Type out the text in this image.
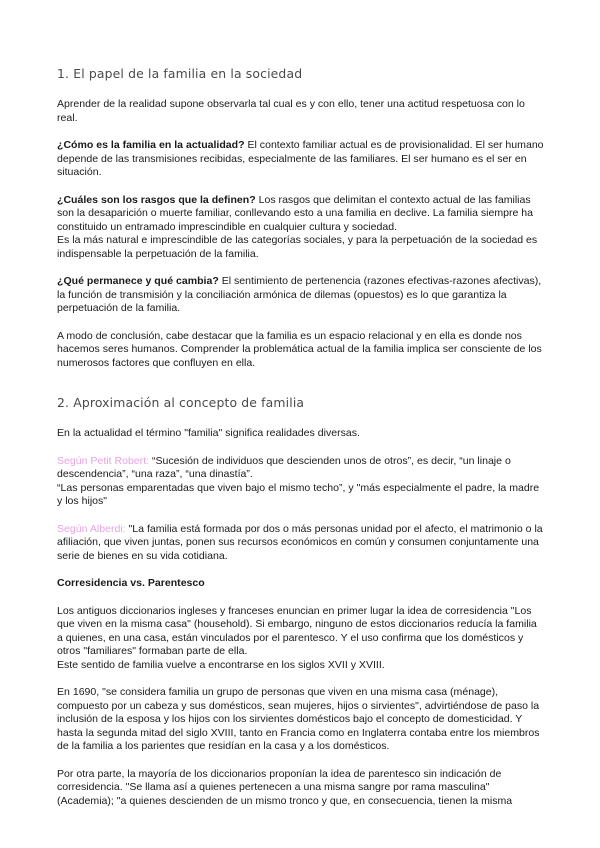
1. El papel de la familia en la sociedad

Aprender de la realidad supone observarla tal cual es y con ello, tener una actitud respetuosa con lo real.

¿Cómo es la familia en la actualidad? El contexto familiar actual es de provisionalidad. El ser humano depende de las transmisiones recibidas, especialmente de las familiares. El ser humano es el ser en situación.

¿Cuáles son los rasgos que la definen? Los rasgos que delimitan el contexto actual de las familias son la desaparición o muerte familiar, conllevando esto a una familia en declive. La familia siempre ha constituido un entramado imprescindible en cualquier cultura y sociedad.
Es la más natural e imprescindible de las categorías sociales, y para la perpetuación de la sociedad es indispensable la perpetuación de la familia.

¿Qué permanece y qué cambia? El sentimiento de pertenencia (razones efectivas-razones afectivas), la función de transmisión y la conciliación armónica de dilemas (opuestos) es lo que garantiza la perpetuación de la familia.

A modo de conclusión, cabe destacar que la familia es un espacio relacional y en ella es donde nos hacemos seres humanos. Comprender la problemática actual de la familia implica ser consciente de los numerosos factores que confluyen en ella.

2. Aproximación al concepto de familia

En la actualidad el término "familia" significa realidades diversas.

Según Petit Robert: “Sucesión de individuos que descienden unos de otros”, es decir, “un linaje o descendencia”, “una raza”, “una dinastía”.
“Las personas emparentadas que viven bajo el mismo techo”, y "más especialmente el padre, la madre y los hijos"

Según Alberdi: "La familia está formada por dos o más personas unidad por el afecto, el matrimonio o la afiliación, que viven juntas, ponen sus recursos económicos en común y consumen conjuntamente una serie de bienes en su vida cotidiana.

Corresidencia vs. Parentesco

Los antiguos diccionarios ingleses y franceses enuncian en primer lugar la idea de corresidencia "Los que viven en la misma casa" (household). Si embargo, ninguno de estos diccionarios reducía la familia a quienes, en una casa, están vinculados por el parentesco. Y el uso confirma que los domésticos y otros "familiares" formaban parte de ella.
Este sentido de familia vuelve a encontrarse en los siglos XVII y XVIII.

En 1690, "se considera familia un grupo de personas que viven en una misma casa (ménage), compuesto por un cabeza y sus domésticos, sean mujeres, hijos o sirvientes", advirtiéndose de paso la inclusión de la esposa y los hijos con los sirvientes domésticos bajo el concepto de domesticidad. Y hasta la segunda mitad del siglo XVIII, tanto en Francia como en Inglaterra contaba entre los miembros de la familia a los parientes que residían en la casa y a los domésticos.

Por otra parte, la mayoría de los diccionarios proponían la idea de parentesco sin indicación de corresidencia. "Se llama así a quienes pertenecen a una misma sangre por rama masculina" (Academia); "a quienes descienden de un mismo tronco y que, en consecuencia, tienen la misma
